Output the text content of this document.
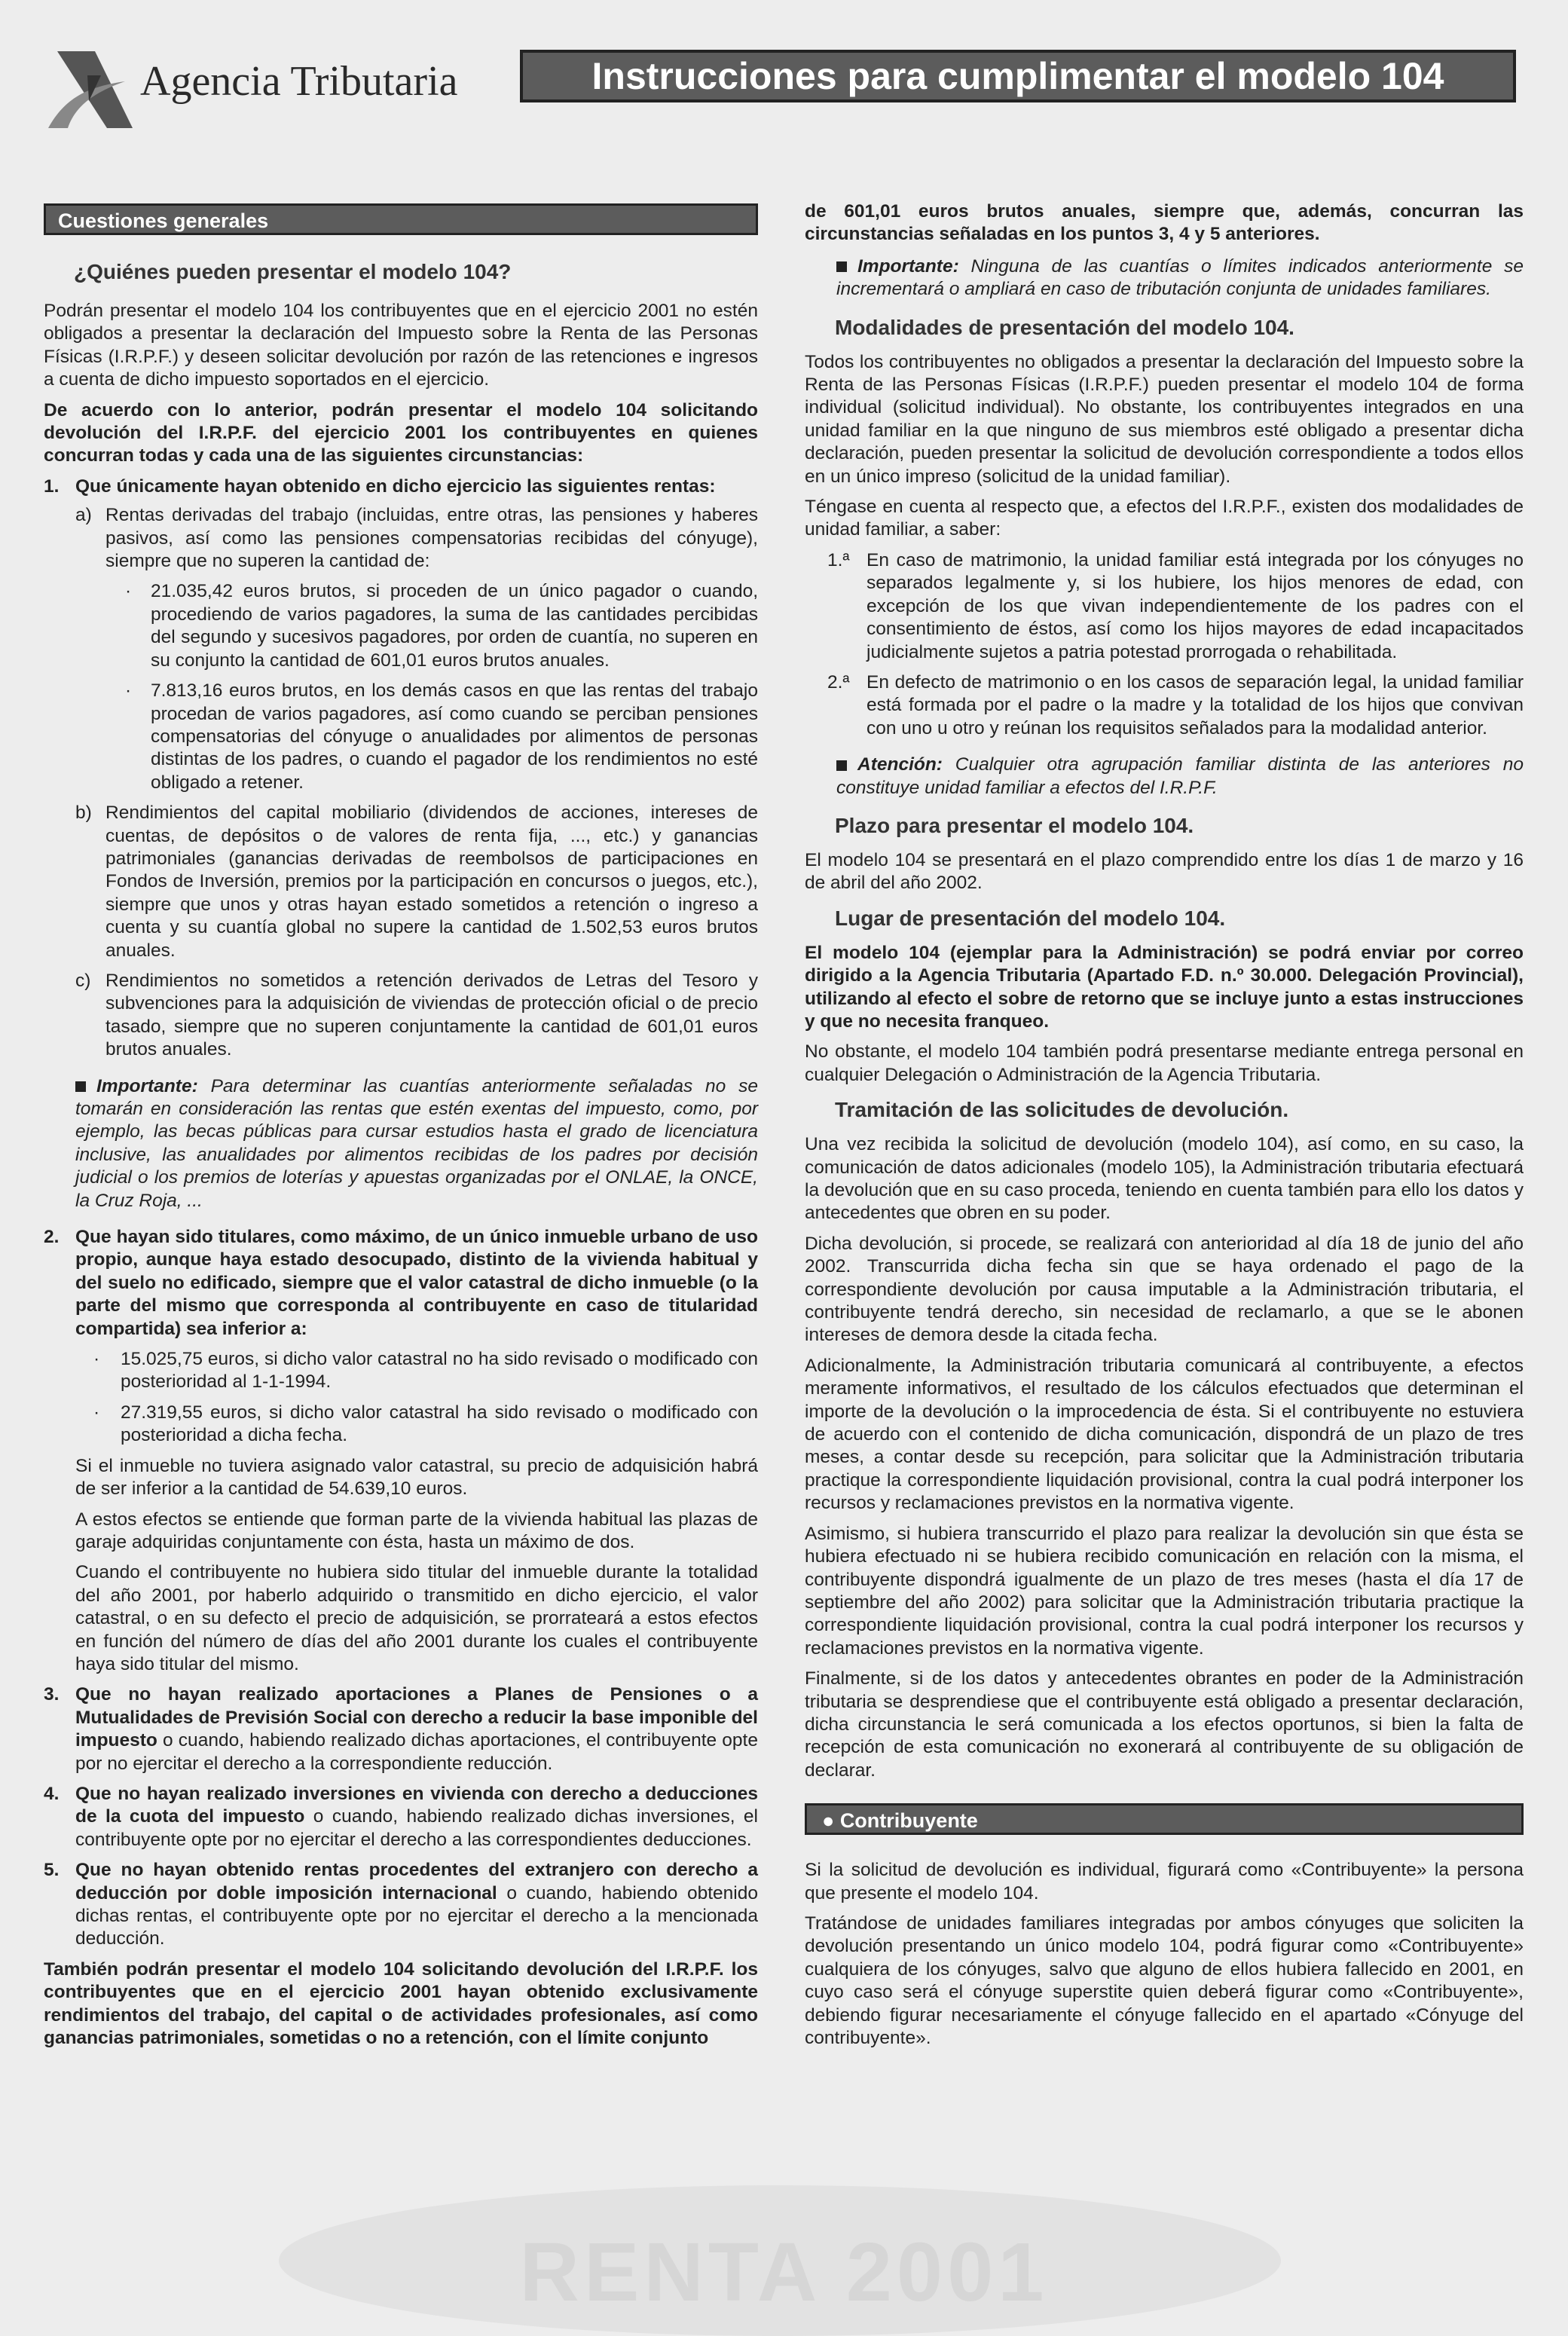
Agencia Tributaria	Instrucciones para cumplimentar el modelo 104
Cuestiones generales
¿Quiénes pueden presentar el modelo 104?

Podrán presentar el modelo 104 los contribuyentes que en el ejercicio 2001 no estén obligados a presentar la declaración del Impuesto sobre la Renta de las Personas Físicas (I.R.P.F.) y deseen solicitar devolución por razón de las retenciones e ingresos a cuenta de dicho impuesto soportados en el ejercicio.

De acuerdo con lo anterior, podrán presentar el modelo 104 solicitando devolución del I.R.P.F. del ejercicio 2001 los contribuyentes en quienes concurran todas y cada una de las siguientes circunstancias:

1. Que únicamente hayan obtenido en dicho ejercicio las siguientes rentas:
a) Rentas derivadas del trabajo (incluidas, entre otras, las pensiones y haberes pasivos, así como las pensiones compensatorias recibidas del cónyuge), siempre que no superen la cantidad de:

· 21.035,42 euros brutos, si proceden de un único pagador o cuando, procediendo de varios pagadores, la suma de las cantidades percibidas del segundo y sucesivos pagadores, por orden de cuantía, no superen en su conjunto la cantidad de 601,01 euros brutos anuales.

· 7.813,16 euros brutos, en los demás casos en que las rentas del trabajo procedan de varios pagadores, así como cuando se perciban pensiones compensatorias del cónyuge o anualidades por alimentos de personas distintas de los padres, o cuando el pagador de los rendimientos no esté obligado a retener.

b) Rendimientos del capital mobiliario (dividendos de acciones, intereses de cuentas, de depósitos o de valores de renta fija, ..., etc.) y ganancias patrimoniales (ganancias derivadas de reembolsos de participaciones en Fondos de Inversión, premios por la participación en concursos o juegos, etc.), siempre que unos y otras hayan estado sometidos a retención o ingreso a cuenta y su cuantía global no supere la cantidad de 1.502,53 euros brutos anuales.

c) Rendimientos no sometidos a retención derivados de Letras del Tesoro y subvenciones para la adquisición de viviendas de protección oficial o de precio tasado, siempre que no superen conjuntamente la cantidad de 601,01 euros brutos anuales.

Importante: Para determinar las cuantías anteriormente señaladas no se tomarán en consideración las rentas que estén exentas del impuesto, como, por ejemplo, las becas públicas para cursar estudios hasta el grado de licenciatura inclusive, las anualidades por alimentos recibidas de los padres por decisión judicial o los premios de loterías y apuestas organizadas por el ONLAE, la ONCE, la Cruz Roja, ...
2. Que hayan sido titulares, como máximo, de un único inmueble urbano de uso propio, aunque haya estado desocupado, distinto de la vivienda habitual y del suelo no edificado, siempre que el valor catastral de dicho inmueble (o la parte del mismo que corresponda al contribuyente en caso de titularidad compartida) sea inferior a:

· 15.025,75 euros, si dicho valor catastral no ha sido revisado o modificado con posterioridad al 1-1-1994.

· 27.319,55 euros, si dicho valor catastral ha sido revisado o modificado con posterioridad a dicha fecha.

Si el inmueble no tuviera asignado valor catastral, su precio de adquisición habrá de ser inferior a la cantidad de 54.639,10 euros.

A estos efectos se entiende que forman parte de la vivienda habitual las plazas de garaje adquiridas conjuntamente con ésta, hasta un máximo de dos.

Cuando el contribuyente no hubiera sido titular del inmueble durante la totalidad del año 2001, por haberlo adquirido o transmitido en dicho ejercicio, el valor catastral, o en su defecto el precio de adquisición, se prorrateará a estos efectos en función del número de días del año 2001 durante los cuales el contribuyente haya sido titular del mismo.

3. Que no hayan realizado aportaciones a Planes de Pensiones o a Mutualidades de Previsión Social con derecho a reducir la base imponible del impuesto o cuando, habiendo realizado dichas aportaciones, el contribuyente opte por no ejercitar el derecho a la correspondiente reducción.

4. Que no hayan realizado inversiones en vivienda con derecho a deducciones de la cuota del impuesto o cuando, habiendo realizado dichas inversiones, el contribuyente opte por no ejercitar el derecho a las correspondientes deducciones.

5. Que no hayan obtenido rentas procedentes del extranjero con derecho a deducción por doble imposición internacional o cuando, habiendo obtenido dichas rentas, el contribuyente opte por no ejercitar el derecho a la mencionada deducción.

También podrán presentar el modelo 104 solicitando devolución del I.R.P.F. los contribuyentes que en el ejercicio 2001 hayan obtenido exclusivamente rendimientos del trabajo, del capital o de actividades profesionales, así como ganancias patrimoniales, sometidas o no a retención, con el límite conjunto

de 601,01 euros brutos anuales, siempre que, además, concurran las circunstancias señaladas en los puntos 3, 4 y 5 anteriores.

Importante: Ninguna de las cuantías o límites indicados anteriormente se incrementará o ampliará en caso de tributación conjunta de unidades familiares.
Modalidades de presentación del modelo 104.

Todos los contribuyentes no obligados a presentar la declaración del Impuesto sobre la Renta de las Personas Físicas (I.R.P.F.) pueden presentar el modelo 104 de forma individual (solicitud individual). No obstante, los contribuyentes integrados en una unidad familiar en la que ninguno de sus miembros esté obligado a presentar dicha declaración, pueden presentar la solicitud de devolución correspondiente a todos ellos en un único impreso (solicitud de la unidad familiar).

Téngase en cuenta al respecto que, a efectos del I.R.P.F., existen dos modalidades de unidad familiar, a saber:

1.ª En caso de matrimonio, la unidad familiar está integrada por los cónyuges no separados legalmente y, si los hubiere, los hijos menores de edad, con excepción de los que vivan independientemente de los padres con el consentimiento de éstos, así como los hijos mayores de edad incapacitados judicialmente sujetos a patria potestad prorrogada o rehabilitada.

2.ª En defecto de matrimonio o en los casos de separación legal, la unidad familiar está formada por el padre o la madre y la totalidad de los hijos que convivan con uno u otro y reúnan los requisitos señalados para la modalidad anterior.

Atención: Cualquier otra agrupación familiar distinta de las anteriores no constituye unidad familiar a efectos del I.R.P.F.
Plazo para presentar el modelo 104.

El modelo 104 se presentará en el plazo comprendido entre los días 1 de marzo y 16 de abril del año 2002.

Lugar de presentación del modelo 104.

El modelo 104 (ejemplar para la Administración) se podrá enviar por correo dirigido a la Agencia Tributaria (Apartado F.D. n.º 30.000. Delegación Provincial), utilizando al efecto el sobre de retorno que se incluye junto a estas instrucciones y que no necesita franqueo.

No obstante, el modelo 104 también podrá presentarse mediante entrega personal en cualquier Delegación o Administración de la Agencia Tributaria.

Tramitación de las solicitudes de devolución.

Una vez recibida la solicitud de devolución (modelo 104), así como, en su caso, la comunicación de datos adicionales (modelo 105), la Administración tributaria efectuará la devolución que en su caso proceda, teniendo en cuenta también para ello los datos y antecedentes que obren en su poder.

Dicha devolución, si procede, se realizará con anterioridad al día 18 de junio del año 2002. Transcurrida dicha fecha sin que se haya ordenado el pago de la correspondiente devolución por causa imputable a la Administración tributaria, el contribuyente tendrá derecho, sin necesidad de reclamarlo, a que se le abonen intereses de demora desde la citada fecha.

Adicionalmente, la Administración tributaria comunicará al contribuyente, a efectos meramente informativos, el resultado de los cálculos efectuados que determinan el importe de la devolución o la improcedencia de ésta. Si el contribuyente no estuviera de acuerdo con el contenido de dicha comunicación, dispondrá de un plazo de tres meses, a contar desde su recepción, para solicitar que la Administración tributaria practique la correspondiente liquidación provisional, contra la cual podrá interponer los recursos y reclamaciones previstos en la normativa vigente.

Asimismo, si hubiera transcurrido el plazo para realizar la devolución sin que ésta se hubiera efectuado ni se hubiera recibido comunicación en relación con la misma, el contribuyente dispondrá igualmente de un plazo de tres meses (hasta el día 17 de septiembre del año 2002) para solicitar que la Administración tributaria practique la correspondiente liquidación provisional, contra la cual podrá interponer los recursos y reclamaciones previstos en la normativa vigente.

Finalmente, si de los datos y antecedentes obrantes en poder de la Administración tributaria se desprendiese que el contribuyente está obligado a presentar declaración, dicha circunstancia le será comunicada a los efectos oportunos, si bien la falta de recepción de esta comunicación no exonerará al contribuyente de su obligación de declarar.

● Contribuyente

Si la solicitud de devolución es individual, figurará como «Contribuyente» la persona que presente el modelo 104.

Tratándose de unidades familiares integradas por ambos cónyuges que soliciten la devolución presentando un único modelo 104, podrá figurar como «Contribuyente» cualquiera de los cónyuges, salvo que alguno de ellos hubiera fallecido en 2001, en cuyo caso será el cónyuge superstite quien deberá figurar como «Contribuyente», debiendo figurar necesariamente el cónyuge fallecido en el apartado «Cónyuge del contribuyente».

RENTA 2001
